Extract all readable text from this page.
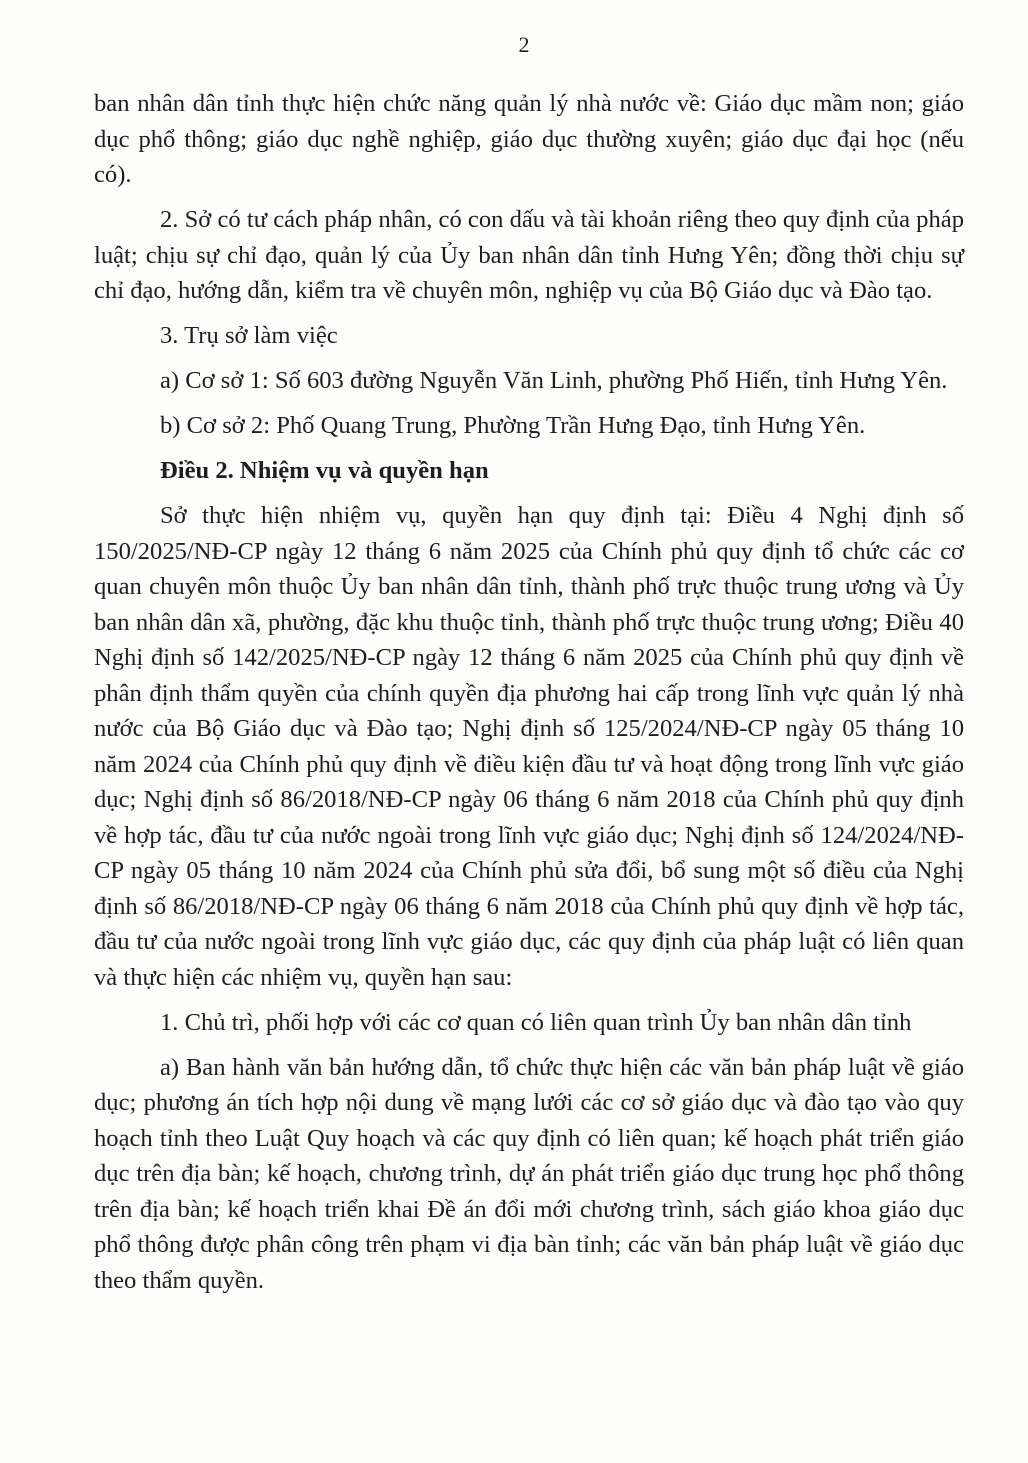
2

ban nhân dân tỉnh thực hiện chức năng quản lý nhà nước về: Giáo dục mầm non; giáo dục phổ thông; giáo dục nghề nghiệp, giáo dục thường xuyên; giáo dục đại học (nếu có).

2. Sở có tư cách pháp nhân, có con dấu và tài khoản riêng theo quy định của pháp luật; chịu sự chỉ đạo, quản lý của Ủy ban nhân dân tỉnh Hưng Yên; đồng thời chịu sự chỉ đạo, hướng dẫn, kiểm tra về chuyên môn, nghiệp vụ của Bộ Giáo dục và Đào tạo.

3. Trụ sở làm việc

a) Cơ sở 1: Số 603 đường Nguyễn Văn Linh, phường Phố Hiến, tỉnh Hưng Yên.

b) Cơ sở 2: Phố Quang Trung, Phường Trần Hưng Đạo, tỉnh Hưng Yên.

Điều 2. Nhiệm vụ và quyền hạn

Sở thực hiện nhiệm vụ, quyền hạn quy định tại: Điều 4 Nghị định số 150/2025/NĐ-CP ngày 12 tháng 6 năm 2025 của Chính phủ quy định tổ chức các cơ quan chuyên môn thuộc Ủy ban nhân dân tỉnh, thành phố trực thuộc trung ương và Ủy ban nhân dân xã, phường, đặc khu thuộc tỉnh, thành phố trực thuộc trung ương; Điều 40 Nghị định số 142/2025/NĐ-CP ngày 12 tháng 6 năm 2025 của Chính phủ quy định về phân định thẩm quyền của chính quyền địa phương hai cấp trong lĩnh vực quản lý nhà nước của Bộ Giáo dục và Đào tạo; Nghị định số 125/2024/NĐ-CP ngày 05 tháng 10 năm 2024 của Chính phủ quy định về điều kiện đầu tư và hoạt động trong lĩnh vực giáo dục; Nghị định số 86/2018/NĐ-CP ngày 06 tháng 6 năm 2018 của Chính phủ quy định về hợp tác, đầu tư của nước ngoài trong lĩnh vực giáo dục; Nghị định số 124/2024/NĐ-CP ngày 05 tháng 10 năm 2024 của Chính phủ sửa đổi, bổ sung một số điều của Nghị định số 86/2018/NĐ-CP ngày 06 tháng 6 năm 2018 của Chính phủ quy định về hợp tác, đầu tư của nước ngoài trong lĩnh vực giáo dục, các quy định của pháp luật có liên quan và thực hiện các nhiệm vụ, quyền hạn sau:

1. Chủ trì, phối hợp với các cơ quan có liên quan trình Ủy ban nhân dân tỉnh

a) Ban hành văn bản hướng dẫn, tổ chức thực hiện các văn bản pháp luật về giáo dục; phương án tích hợp nội dung về mạng lưới các cơ sở giáo dục và đào tạo vào quy hoạch tỉnh theo Luật Quy hoạch và các quy định có liên quan; kế hoạch phát triển giáo dục trên địa bàn; kế hoạch, chương trình, dự án phát triển giáo dục trung học phổ thông trên địa bàn; kế hoạch triển khai Đề án đổi mới chương trình, sách giáo khoa giáo dục phổ thông được phân công trên phạm vi địa bàn tỉnh; các văn bản pháp luật về giáo dục theo thẩm quyền.
